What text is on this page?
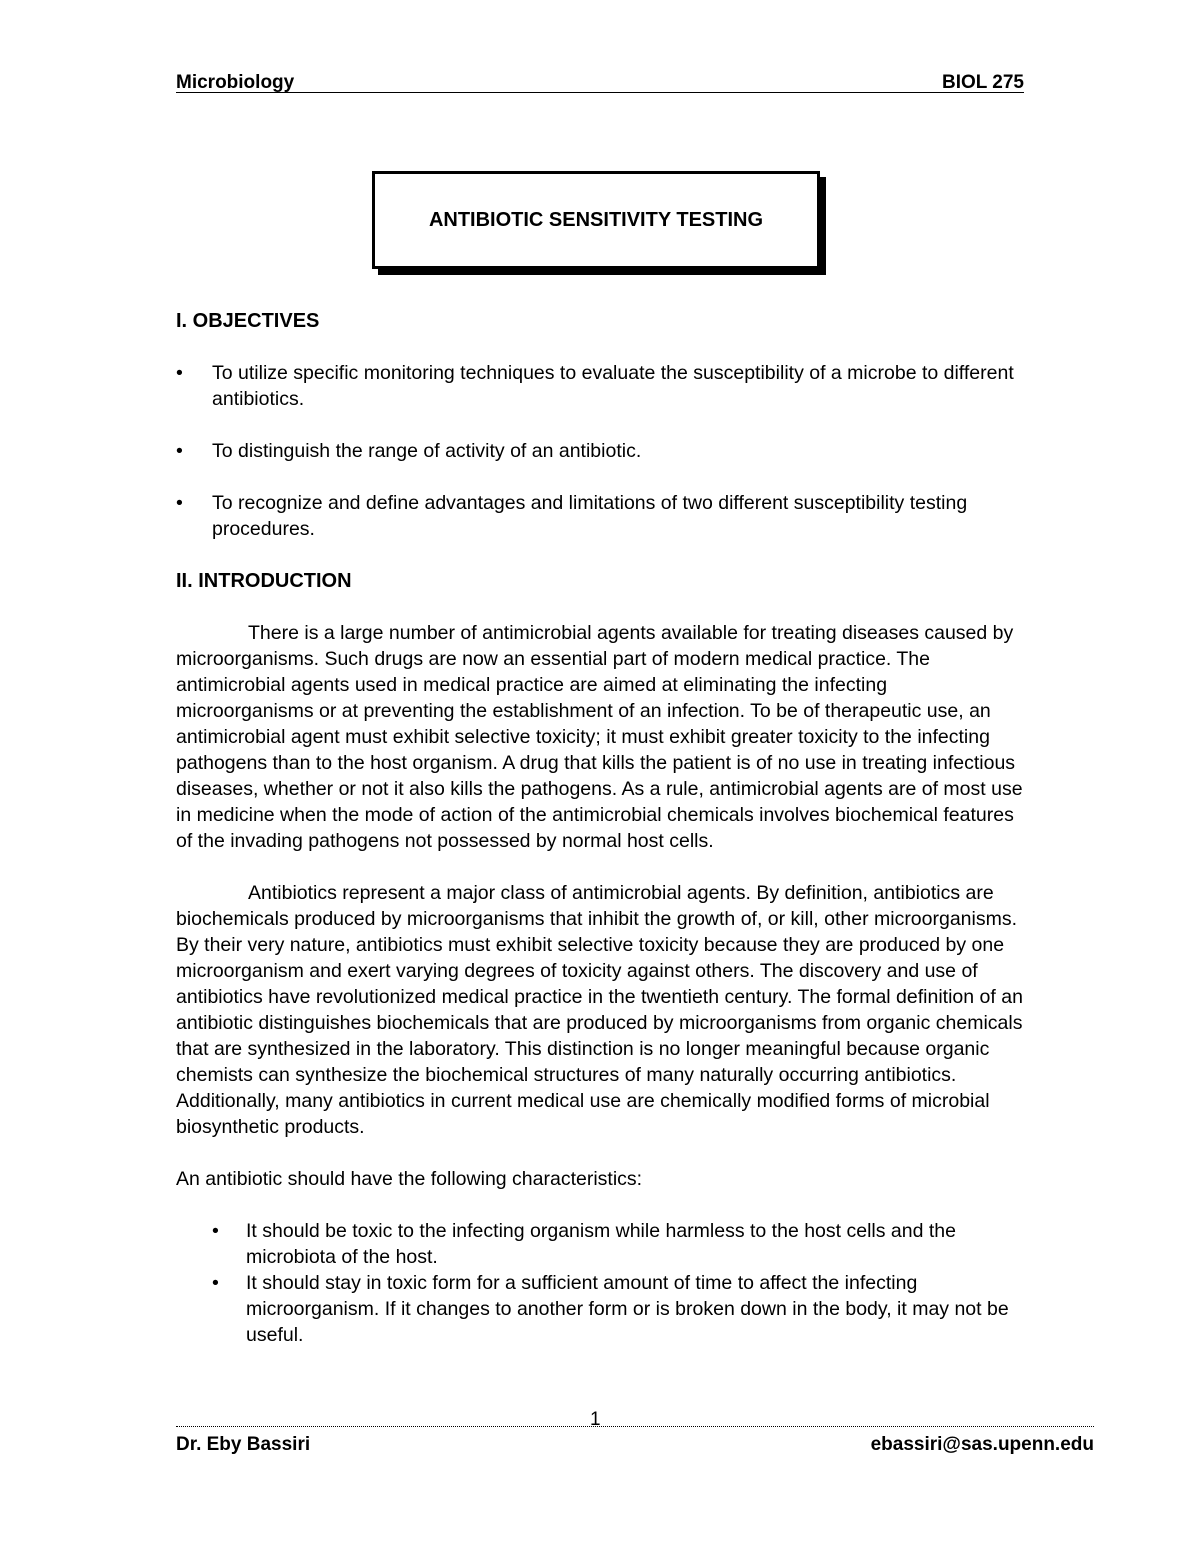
Microbiology	BIOL 275
ANTIBIOTIC SENSITIVITY TESTING

I. OBJECTIVES

• To utilize specific monitoring techniques to evaluate the susceptibility of a microbe to different antibiotics.
• To distinguish the range of activity of an antibiotic.
• To recognize and define advantages and limitations of two different susceptibility testing procedures.

II. INTRODUCTION

There is a large number of antimicrobial agents available for treating diseases caused by microorganisms. Such drugs are now an essential part of modern medical practice. The antimicrobial agents used in medical practice are aimed at eliminating the infecting microorganisms or at preventing the establishment of an infection. To be of therapeutic use, an antimicrobial agent must exhibit selective toxicity; it must exhibit greater toxicity to the infecting pathogens than to the host organism. A drug that kills the patient is of no use in treating infectious diseases, whether or not it also kills the pathogens. As a rule, antimicrobial agents are of most use in medicine when the mode of action of the antimicrobial chemicals involves biochemical features of the invading pathogens not possessed by normal host cells.

Antibiotics represent a major class of antimicrobial agents. By definition, antibiotics are biochemicals produced by microorganisms that inhibit the growth of, or kill, other microorganisms. By their very nature, antibiotics must exhibit selective toxicity because they are produced by one microorganism and exert varying degrees of toxicity against others. The discovery and use of antibiotics have revolutionized medical practice in the twentieth century. The formal definition of an antibiotic distinguishes biochemicals that are produced by microorganisms from organic chemicals that are synthesized in the laboratory. This distinction is no longer meaningful because organic chemists can synthesize the biochemical structures of many naturally occurring antibiotics. Additionally, many antibiotics in current medical use are chemically modified forms of microbial biosynthetic products.

An antibiotic should have the following characteristics:

• It should be toxic to the infecting organism while harmless to the host cells and the microbiota of the host.
• It should stay in toxic form for a sufficient amount of time to affect the infecting microorganism. If it changes to another form or is broken down in the body, it may not be useful.
1
Dr. Eby Bassiri	ebassiri@sas.upenn.edu
